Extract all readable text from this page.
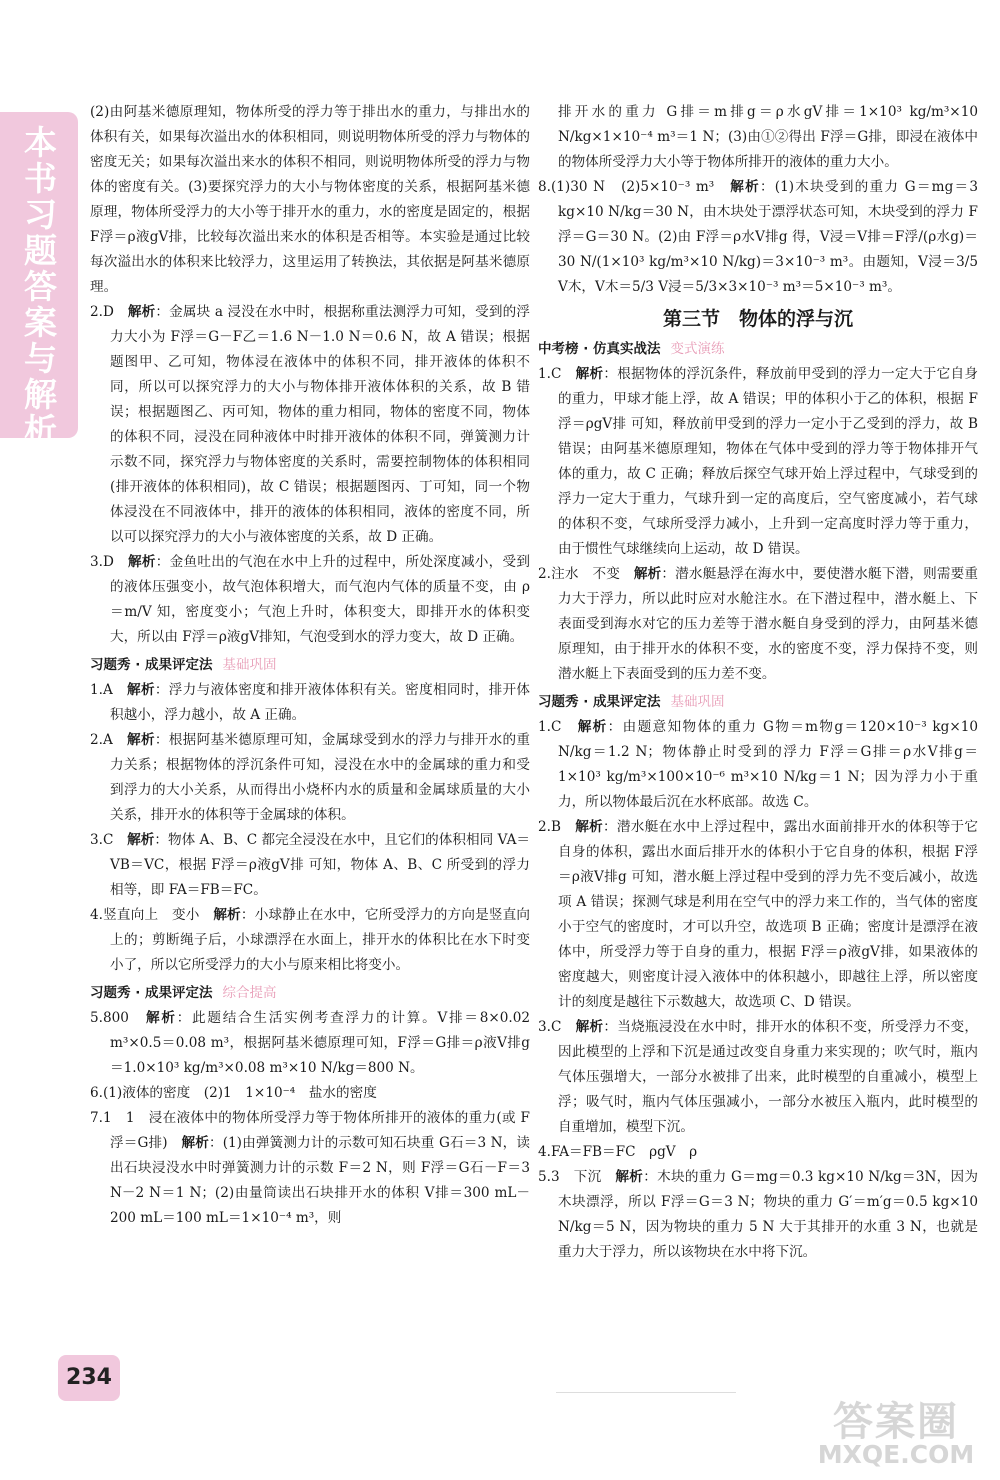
本书习题答案与解析

(2)由阿基米德原理知，物体所受的浮力等于排出水的重力，与排出水的体积有关，如果每次溢出水的体积相同，则说明物体所受的浮力与物体的密度无关；如果每次溢出来水的体积不相同，则说明物体所受的浮力与物体的密度有关。(3)要探究浮力的大小与物体密度的关系，根据阿基米德原理，物体所受浮力的大小等于排开水的重力，水的密度是固定的，根据 F浮＝ρ液gV排，比较每次溢出来水的体积是否相等。本实验是通过比较每次溢出水的体积来比较浮力，这里运用了转换法，其依据是阿基米德原理。

2.D　 解析：金属块 a 浸没在水中时，根据称重法测浮力可知，受到的浮力大小为 F浮＝G－F乙＝1.6 N－1.0 N＝0.6 N，故 A 错误；根据题图甲、乙可知，物体浸在液体中的体积不同，排开液体的体积不同，所以可以探究浮力的大小与物体排开液体体积的关系，故 B 错误；根据题图乙、丙可知，物体的重力相同，物体的密度不同，物体的体积不同，浸没在同种液体中时排开液体的体积不同，弹簧测力计示数不同，探究浮力与物体密度的关系时，需要控制物体的体积相同(排开液体的体积相同)，故 C 错误；根据题图丙、丁可知，同一个物体浸没在不同液体中，排开的液体的体积相同，液体的密度不同，所以可以探究浮力的大小与液体密度的关系，故 D 正确。

3.D　 解析：金鱼吐出的气泡在水中上升的过程中，所处深度减小，受到的液体压强变小，故气泡体积增大，而气泡内气体的质量不变，由 ρ＝m/V 知，密度变小；气泡上升时，体积变大，即排开水的体积变大，所以由 F浮＝ρ液gV排知，气泡受到水的浮力变大，故 D 正确。

习题秀 · 成果评定法 基础巩固

1.A　 解析：浮力与液体密度和排开液体体积有关。密度相同时，排开体积越小，浮力越小，故 A 正确。

2.A　 解析：根据阿基米德原理可知，金属球受到水的浮力与排开水的重力关系；根据物体的浮沉条件可知，浸没在水中的金属球的重力和受到浮力的大小关系，从而得出小烧杯内水的质量和金属球质量的大小关系，排开水的体积等于金属球的体积。

3.C　 解析：物体 A、B、C 都完全浸没在水中，且它们的体积相同 VA＝VB＝VC，根据 F浮＝ρ液gV排 可知，物体 A、B、C 所受到的浮力相等，即 FA＝FB＝FC。

4.竖直向上　变小　 解析：小球静止在水中，它所受浮力的方向是竖直向上的；剪断绳子后，小球漂浮在水面上，排开水的体积比在水下时变小了，所以它所受浮力的大小与原来相比将变小。

习题秀 · 成果评定法 综合提高

5.800　 解析：此题结合生活实例考查浮力的计算。V排＝8×0.02 m³×0.5＝0.08 m³，根据阿基米德原理可知，F浮＝G排＝ρ液V排g＝1.0×10³ kg/m³×0.08 m³×10 N/kg＝800 N。

6.(1)液体的密度　(2)1　1×10⁻⁴　盐水的密度

7.1　1　浸在液体中的物体所受浮力等于物体所排开的液体的重力(或 F浮＝G排)　 解析：(1)由弹簧测力计的示数可知石块重 G石＝3 N，读出石块浸没水中时弹簧测力计的示数 F＝2 N，则 F浮＝G石－F＝3 N－2 N＝1 N；(2)由量筒读出石块排开水的体积 V排＝300 mL－200 mL＝100 mL＝1×10⁻⁴ m³，则

排开水的重力 G排＝m排g＝ρ水gV排＝1×10³ kg/m³×10 N/kg×1×10⁻⁴ m³＝1 N；(3)由①②得出 F浮＝G排，即浸在液体中的物体所受浮力大小等于物体所排开的液体的重力大小。

8.(1)30 N　(2)5×10⁻³ m³　 解析：(1)木块受到的重力 G＝mg＝3 kg×10 N/kg＝30 N，由木块处于漂浮状态可知，木块受到的浮力 F浮＝G＝30 N。(2)由 F浮＝ρ水V排g 得，V浸＝V排＝F浮/(ρ水g)＝30 N/(1×10³ kg/m³×10 N/kg)＝3×10⁻³ m³。由题知，V浸＝3/5 V木，V木＝5/3 V浸＝5/3×3×10⁻³ m³＝5×10⁻³ m³。

第三节　物体的浮与沉
中考榜 · 仿真实战法 变式演练

1.C　 解析：根据物体的浮沉条件，释放前甲受到的浮力一定大于它自身的重力，甲球才能上浮，故 A 错误；甲的体积小于乙的体积，根据 F浮＝ρgV排 可知，释放前甲受到的浮力一定小于乙受到的浮力，故 B 错误；由阿基米德原理知，物体在气体中受到的浮力等于物体排开气体的重力，故 C 正确；释放后探空气球开始上浮过程中，气球受到的浮力一定大于重力，气球升到一定的高度后，空气密度减小，若气球的体积不变，气球所受浮力减小，上升到一定高度时浮力等于重力，由于惯性气球继续向上运动，故 D 错误。

2.注水　不变　 解析：潜水艇悬浮在海水中，要使潜水艇下潜，则需要重力大于浮力，所以此时应对水舱注水。在下潜过程中，潜水艇上、下表面受到海水对它的压力差等于潜水艇自身受到的浮力，由阿基米德原理知，由于排开水的体积不变，水的密度不变，浮力保持不变，则潜水艇上下表面受到的压力差不变。

习题秀 · 成果评定法 基础巩固

1.C　 解析：由题意知物体的重力 G物＝m物g＝120×10⁻³ kg×10 N/kg＝1.2 N；物体静止时受到的浮力 F浮＝G排＝ρ水V排g＝1×10³ kg/m³×100×10⁻⁶ m³×10 N/kg＝1 N；因为浮力小于重力，所以物体最后沉在水杯底部。故选 C。

2.B　 解析：潜水艇在水中上浮过程中，露出水面前排开水的体积等于它自身的体积，露出水面后排开水的体积小于它自身的体积，根据 F浮＝ρ液V排g 可知，潜水艇上浮过程中受到的浮力先不变后减小，故选项 A 错误；探测气球是利用在空气中的浮力来工作的，当气体的密度小于空气的密度时，才可以升空，故选项 B 正确；密度计是漂浮在液体中，所受浮力等于自身的重力，根据 F浮＝ρ液gV排，如果液体的密度越大，则密度计浸入液体中的体积越小，即越往上浮，所以密度计的刻度是越往下示数越大，故选项 C、D 错误。

3.C　 解析：当烧瓶浸没在水中时，排开水的体积不变，所受浮力不变，因此模型的上浮和下沉是通过改变自身重力来实现的；吹气时，瓶内气体压强增大，一部分水被排了出来，此时模型的自重减小，模型上浮；吸气时，瓶内气体压强减小，一部分水被压入瓶内，此时模型的自重增加，模型下沉。

4.FA＝FB＝FC　ρgV　ρ

5.3　下沉　 解析：木块的重力 G＝mg＝0.3 kg×10 N/kg＝3N，因为木块漂浮，所以 F浮＝G＝3 N；物块的重力 G′＝m′g＝0.5 kg×10 N/kg＝5 N，因为物块的重力 5 N 大于其排开的水重 3 N，也就是重力大于浮力，所以该物块在水中将下沉。

234
答案圈
MXQE.COM
